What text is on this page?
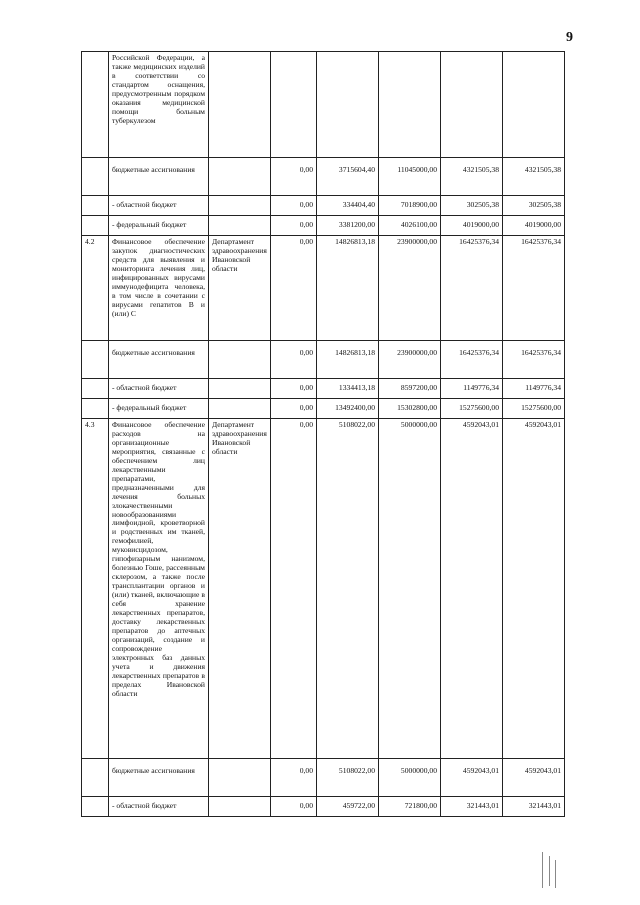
9
	Российской Федерации, а также медицинских изделий в соответствии со стандартом оснащения, предусмотренным порядком оказания медицинской помощи больным туберкулезом						
	бюджетные ассигнования		0,00	3715604,40	11045000,00	4321505,38	4321505,38
	- областной бюджет		0,00	334404,40	7018900,00	302505,38	302505,38
	- федеральный бюджет		0,00	3381200,00	4026100,00	4019000,00	4019000,00
4.2	Финансовое обеспечение закупок диагностических средств для выявления и мониторинга лечения лиц, инфицированных вирусами иммунодефицита человека, в том числе в сочетании с вирусами гепатитов В и (или) С	Департамент здравоохранения Ивановской области	0,00	14826813,18	23900000,00	16425376,34	16425376,34
	бюджетные ассигнования		0,00	14826813,18	23900000,00	16425376,34	16425376,34
	- областной бюджет		0,00	1334413,18	8597200,00	1149776,34	1149776,34
	- федеральный бюджет		0,00	13492400,00	15302800,00	15275600,00	15275600,00
4.3	Финансовое обеспечение расходов на организационные мероприятия, связанные с обеспечением лиц лекарственными препаратами, предназначенными для лечения больных злокачественными новообразованиями лимфоидной, кроветворной и родственных им тканей, гемофилией, муковисцидозом, гипофизарным нанизмом, болезнью Гоше, рассеянным склерозом, а также после трансплантации органов и (или) тканей, включающие в себя хранение лекарственных препаратов, доставку лекарственных препаратов до аптечных организаций, создание и сопровождение электронных баз данных учета и движения лекарственных препаратов в пределах Ивановской области	Департамент здравоохранения Ивановской области	0,00	5108022,00	5000000,00	4592043,01	4592043,01
	бюджетные ассигнования		0,00	5108022,00	5000000,00	4592043,01	4592043,01
	- областной бюджет		0,00	459722,00	721800,00	321443,01	321443,01
